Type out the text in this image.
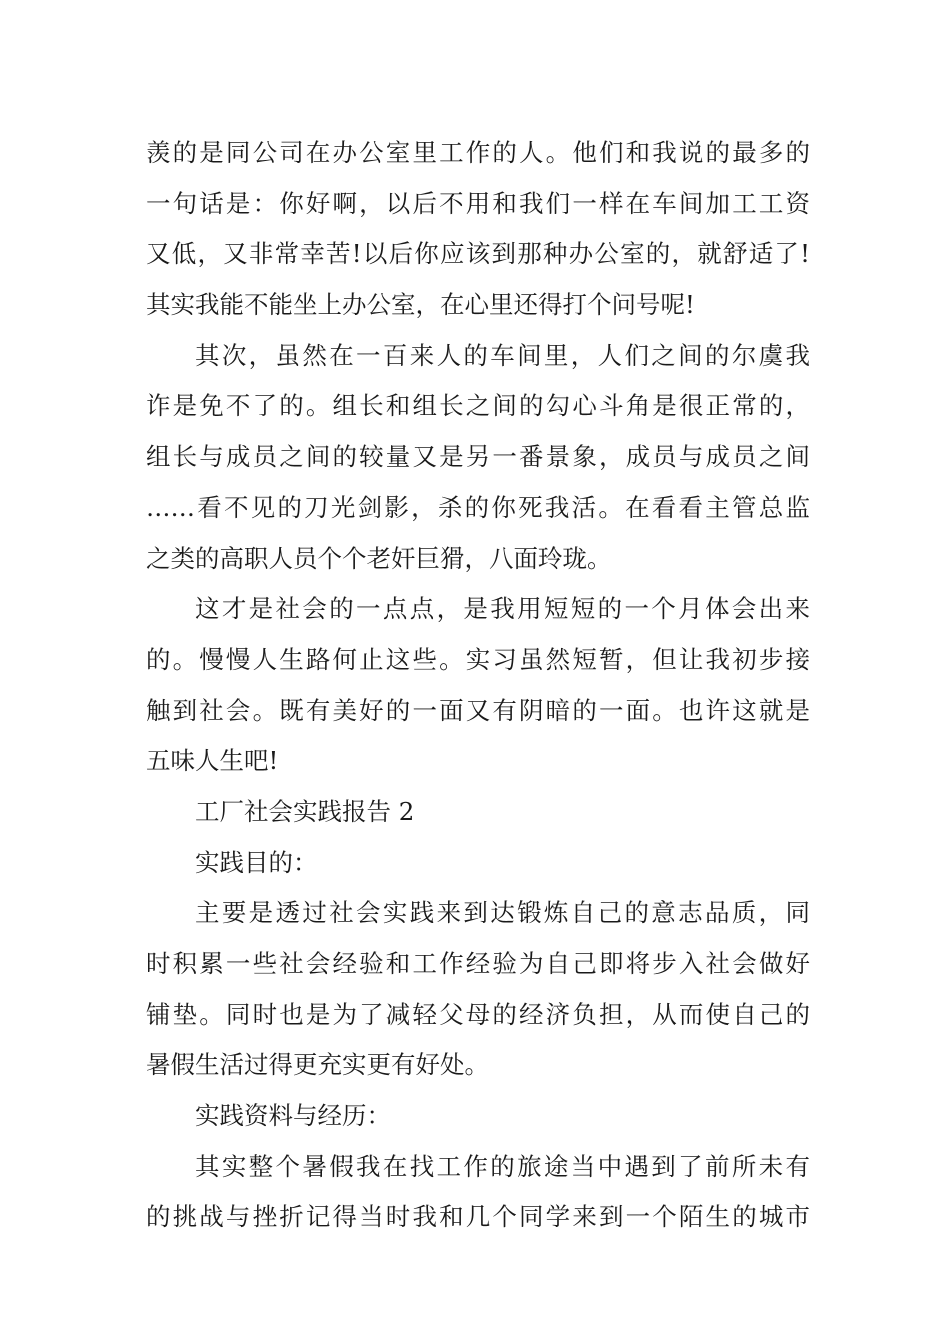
羡的是同公司在办公室里工作的人。他们和我说的最多的
一句话是：你好啊，以后不用和我们一样在车间加工工资
又低，又非常幸苦!以后你应该到那种办公室的，就舒适了!
其实我能不能坐上办公室，在心里还得打个问号呢!
其次，虽然在一百来人的车间里，人们之间的尔虞我
诈是免不了的。组长和组长之间的勾心斗角是很正常的，
组长与成员之间的较量又是另一番景象，成员与成员之间
……看不见的刀光剑影，杀的你死我活。在看看主管总监
之类的高职人员个个老奸巨猾，八面玲珑。
这才是社会的一点点，是我用短短的一个月体会出来
的。慢慢人生路何止这些。实习虽然短暂，但让我初步接
触到社会。既有美好的一面又有阴暗的一面。也许这就是
五味人生吧!
工厂社会实践报告 2
实践目的：
主要是透过社会实践来到达锻炼自己的意志品质，同
时积累一些社会经验和工作经验为自己即将步入社会做好
铺垫。同时也是为了减轻父母的经济负担，从而使自己的
暑假生活过得更充实更有好处。
实践资料与经历：
其实整个暑假我在找工作的旅途当中遇到了前所未有
的挑战与挫折记得当时我和几个同学来到一个陌生的城市
